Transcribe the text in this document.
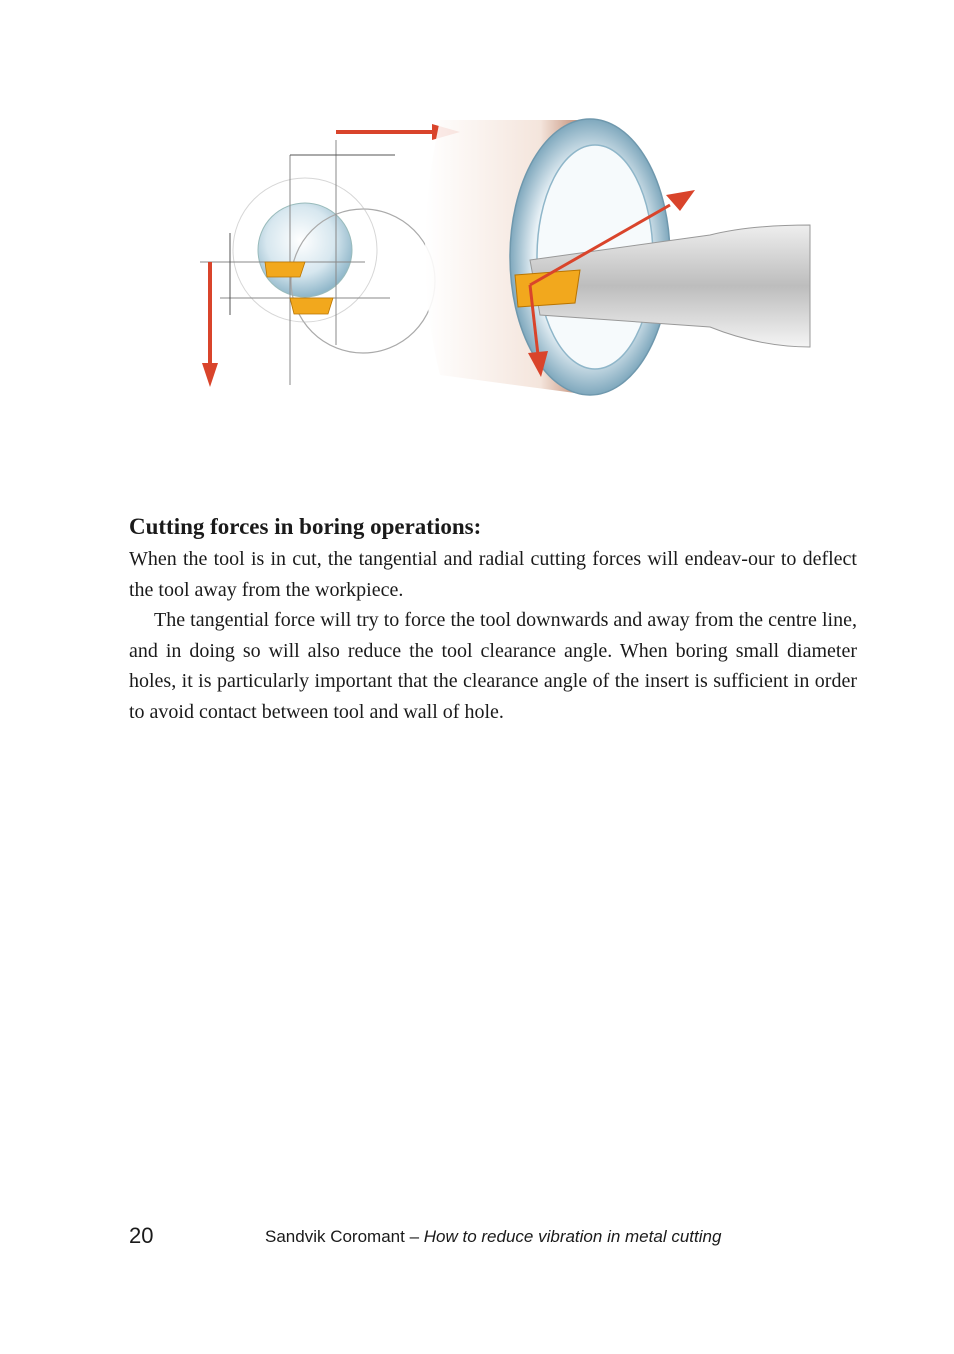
Cutting forces in boring operations:

When the tool is in cut, the tangential and radial cutting forces will endeav-our to deflect the tool away from the workpiece.

The tangential force will try to force the tool downwards and away from the centre line, and in doing so will also reduce the tool clearance angle. When boring small diameter holes, it is particularly important that the clearance angle of the insert is sufficient in order to avoid contact between tool and wall of hole.

20	Sandvik Coromant – How to reduce vibration in metal cutting
